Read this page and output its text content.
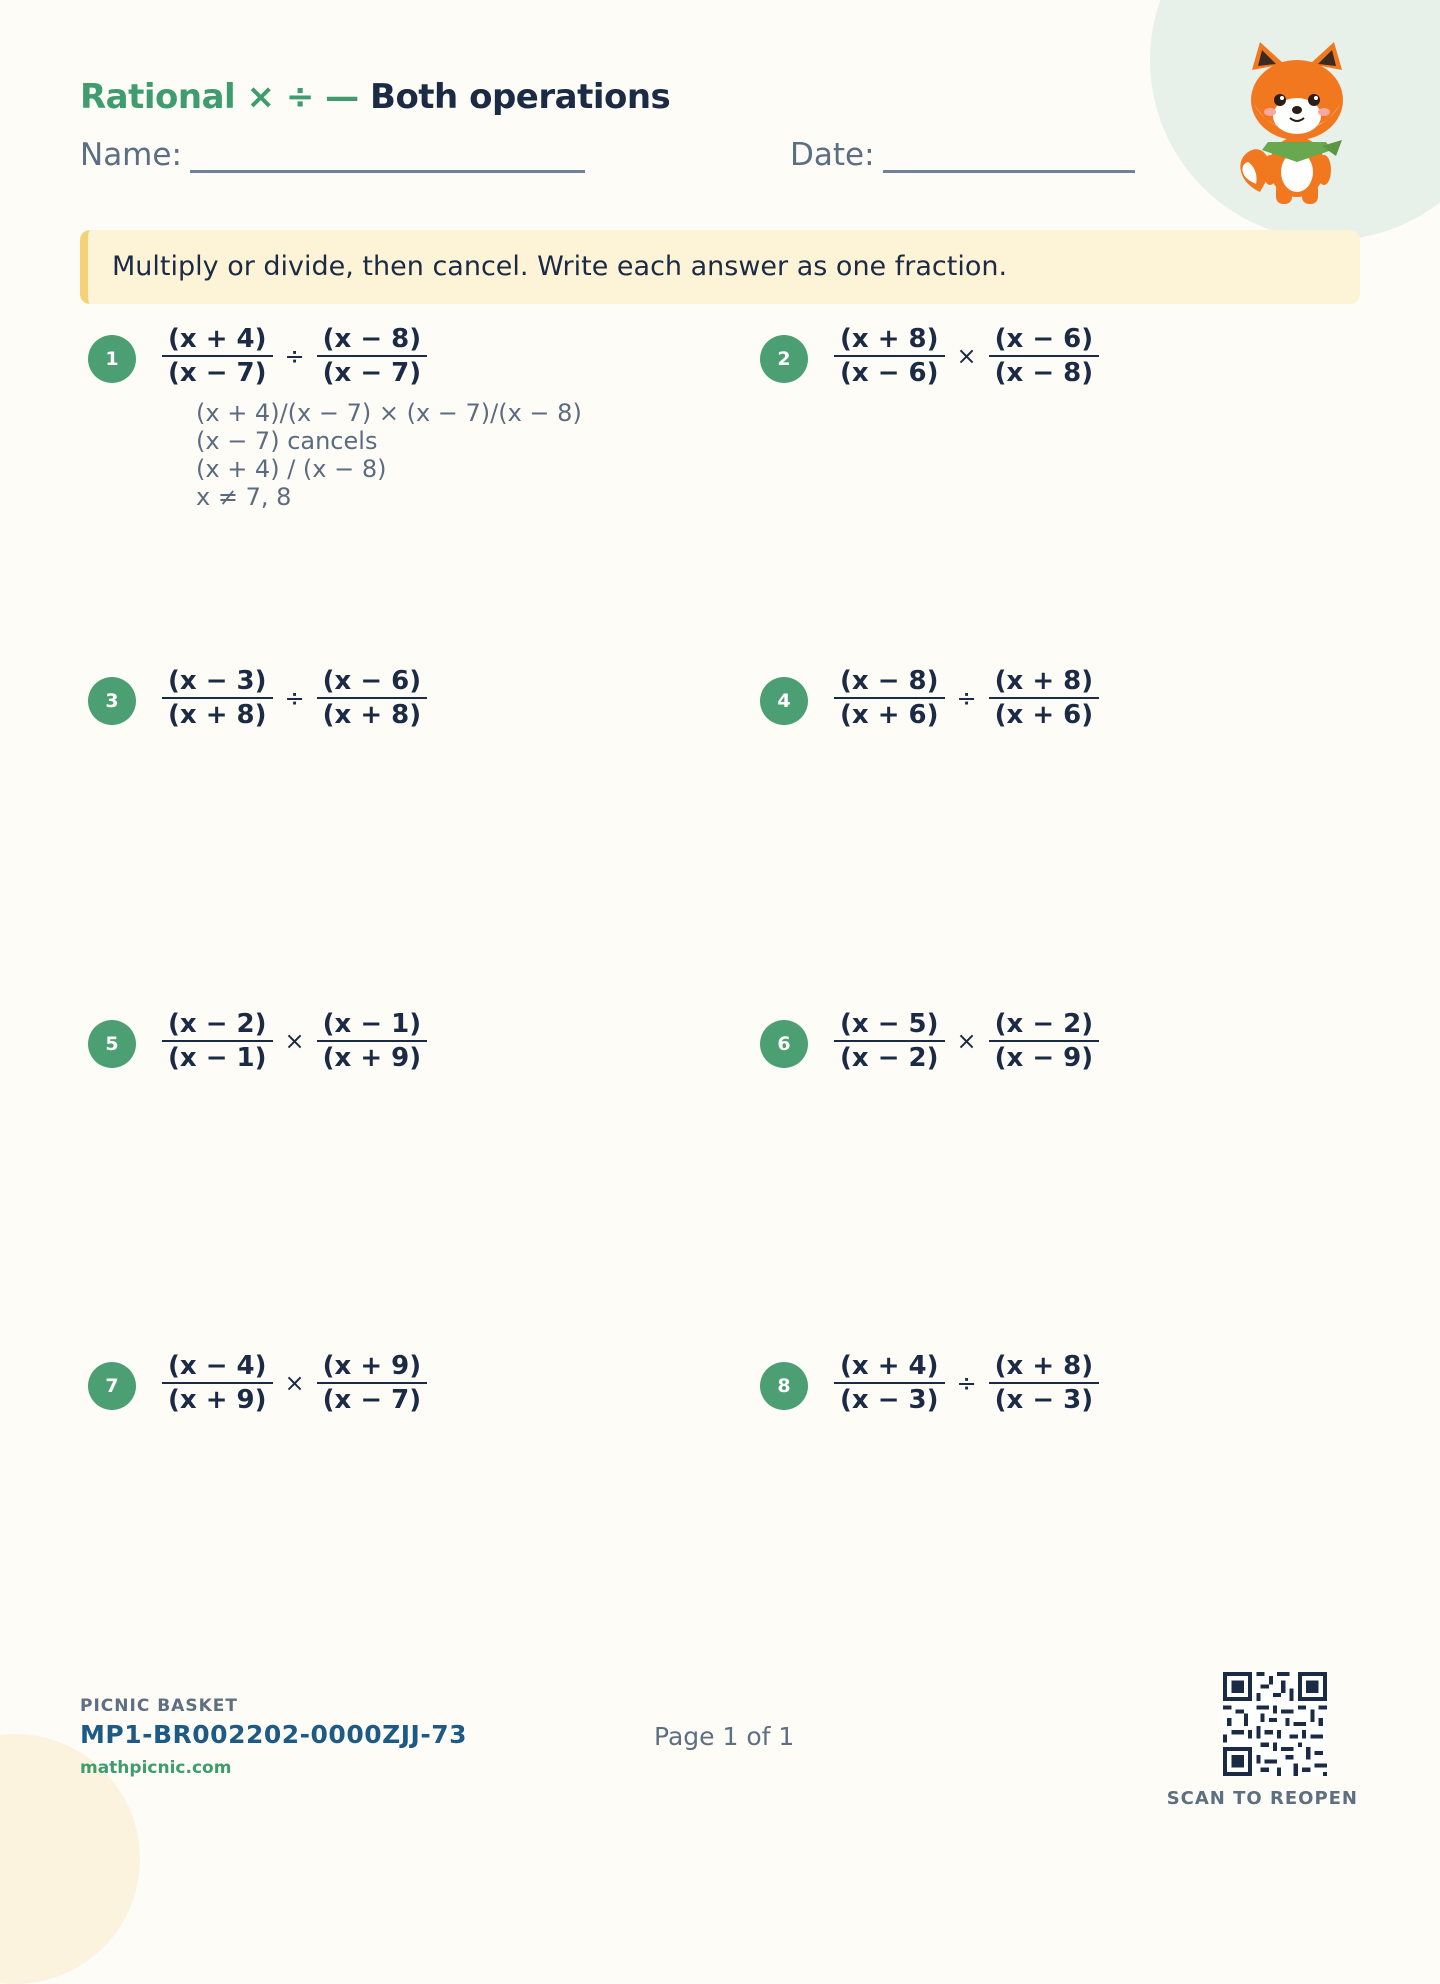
Rational × ÷ — Both operations
Name:	Date:
Multiply or divide, then cancel. Write each answer as one fraction.
1	$\frac{(x + 4)}{(x - 7)} \div \frac{(x - 8)}{(x - 7)}$
(x + 4)/(x − 7) × (x − 7)/(x − 8)
(x − 7) cancels
(x + 4) / (x − 8)
x ≠ 7, 8
2	$\frac{(x + 8)}{(x - 6)} \times \frac{(x - 6)}{(x - 8)}$
3	$\frac{(x - 3)}{(x + 8)} \div \frac{(x - 6)}{(x + 8)}$	4	$\frac{(x - 8)}{(x + 6)} \div \frac{(x + 8)}{(x + 6)}$
5	$\frac{(x - 2)}{(x - 1)} \times \frac{(x - 1)}{(x + 9)}$	6	$\frac{(x - 5)}{(x - 2)} \times \frac{(x - 2)}{(x - 9)}$
7	$\frac{(x - 4)}{(x + 9)} \times \frac{(x + 9)}{(x - 7)}$	8	$\frac{(x + 4)}{(x - 3)} \div \frac{(x + 8)}{(x - 3)}$
PICNIC BASKET
MP1-BR002202-0000ZJJ-73
mathpicnic.com
Page 1 of 1
SCAN TO REOPEN
